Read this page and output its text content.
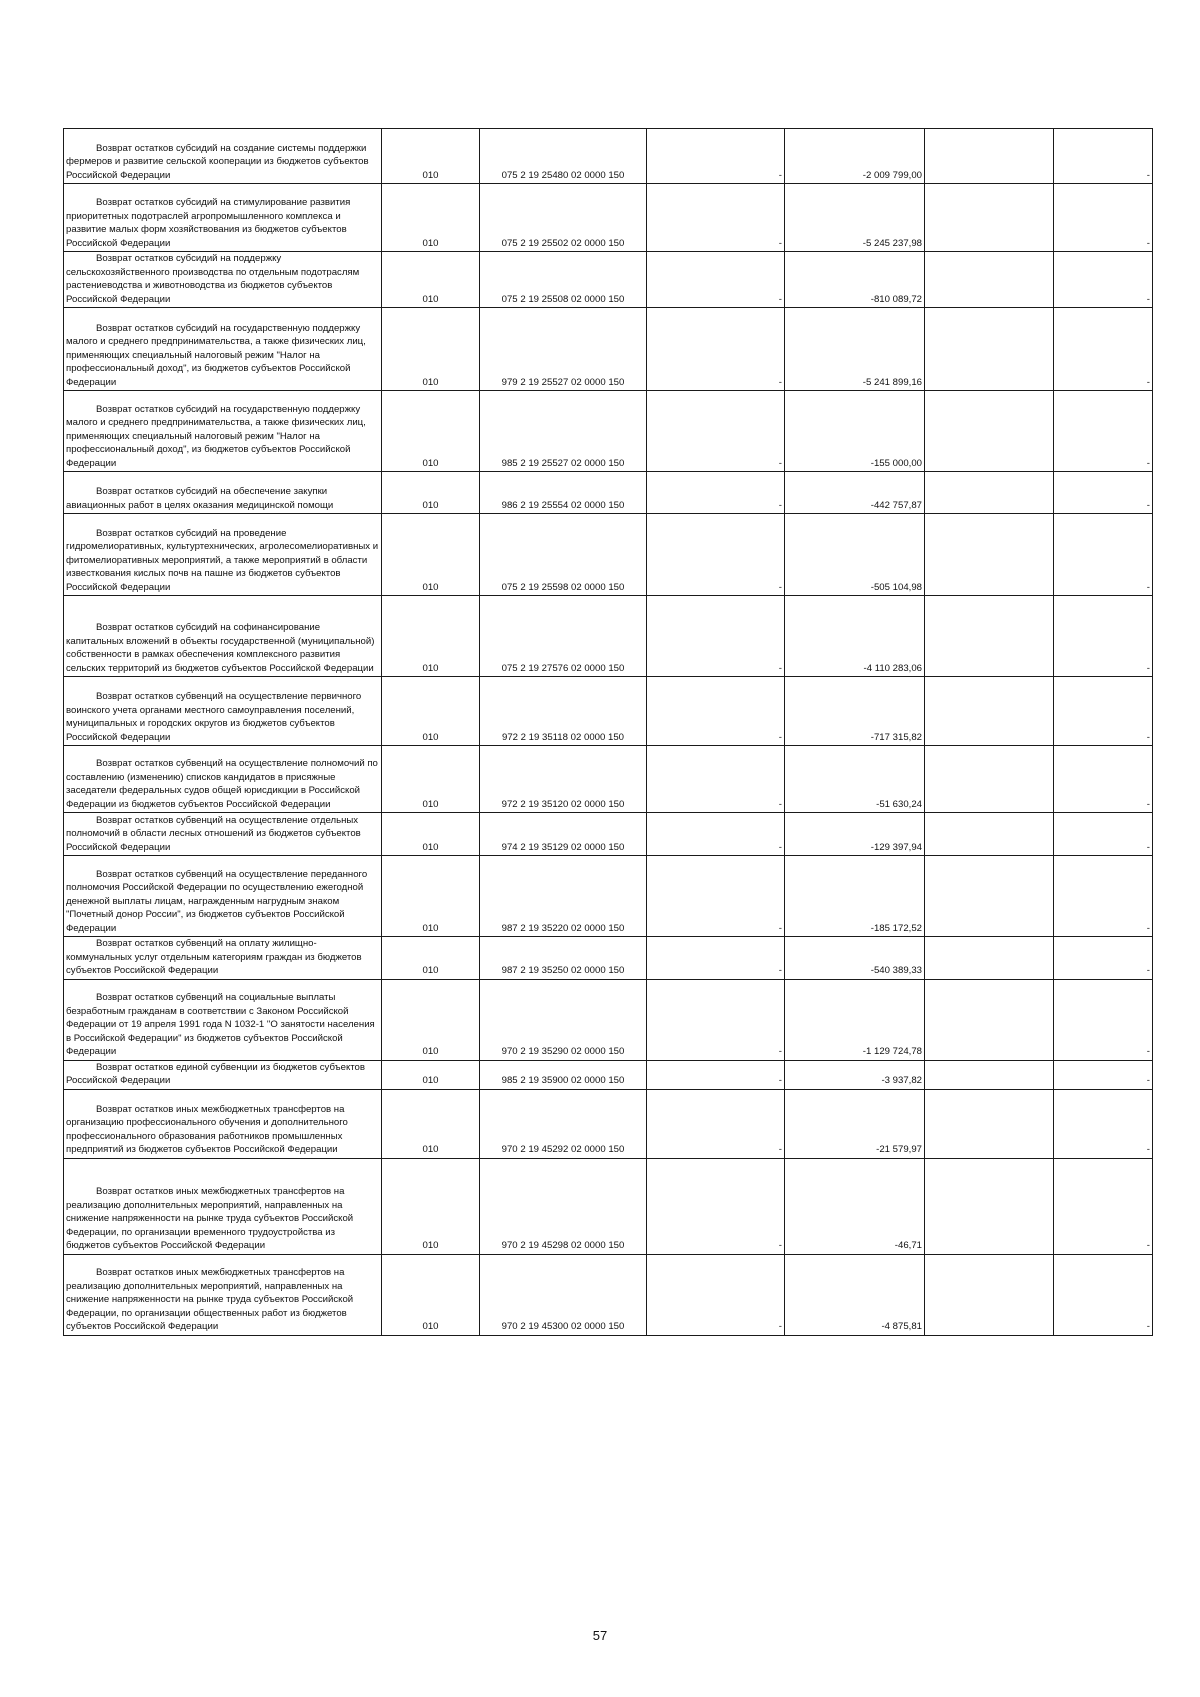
Возврат остатков субсидий на создание системы поддержки фермеров и развитие сельской кооперации из бюджетов субъектов Российской Федерации	010	075 2 19 25480 02 0000 150	-	-2 009 799,00		-
Возврат остатков субсидий на стимулирование развития приоритетных подотраслей агропромышленного комплекса и развитие малых форм хозяйствования из бюджетов субъектов Российской Федерации	010	075 2 19 25502 02 0000 150	-	-5 245 237,98		-
Возврат остатков субсидий на поддержку сельскохозяйственного производства по отдельным подотраслям растениеводства и животноводства из бюджетов субъектов Российской Федерации	010	075 2 19 25508 02 0000 150	-	-810 089,72		-
Возврат остатков субсидий на государственную поддержку малого и среднего предпринимательства, а также физических лиц, применяющих специальный налоговый режим "Налог на профессиональный доход", из бюджетов субъектов Российской Федерации	010	979 2 19 25527 02 0000 150	-	-5 241 899,16		-
Возврат остатков субсидий на государственную поддержку малого и среднего предпринимательства, а также физических лиц, применяющих специальный налоговый режим "Налог на профессиональный доход", из бюджетов субъектов Российской Федерации	010	985 2 19 25527 02 0000 150	-	-155 000,00		-
Возврат остатков субсидий на обеспечение закупки авиационных работ в целях оказания медицинской помощи	010	986 2 19 25554 02 0000 150	-	-442 757,87		-
Возврат остатков субсидий на проведение гидромелиоративных, культуртехнических, агролесомелиоративных и фитомелиоративных мероприятий, а также мероприятий в области известкования кислых почв на пашне из бюджетов субъектов Российской Федерации	010	075 2 19 25598 02 0000 150	-	-505 104,98		-
Возврат остатков субсидий на софинансирование капитальных вложений в объекты государственной (муниципальной) собственности в рамках обеспечения комплексного развития сельских территорий из бюджетов субъектов Российской Федерации	010	075 2 19 27576 02 0000 150	-	-4 110 283,06		-
Возврат остатков субвенций на осуществление первичного воинского учета органами местного самоуправления поселений, муниципальных и городских округов из бюджетов субъектов Российской Федерации	010	972 2 19 35118 02 0000 150	-	-717 315,82		-
Возврат остатков субвенций на осуществление полномочий по составлению (изменению) списков кандидатов в присяжные заседатели федеральных судов общей юрисдикции в Российской Федерации из бюджетов субъектов Российской Федерации	010	972 2 19 35120 02 0000 150	-	-51 630,24		-
Возврат остатков субвенций на осуществление отдельных полномочий в области лесных отношений из бюджетов субъектов Российской Федерации	010	974 2 19 35129 02 0000 150	-	-129 397,94		-
Возврат остатков субвенций на осуществление переданного полномочия Российской Федерации по осуществлению ежегодной денежной выплаты лицам, награжденным нагрудным знаком "Почетный донор России", из бюджетов субъектов Российской Федерации	010	987 2 19 35220 02 0000 150	-	-185 172,52		-
Возврат остатков субвенций на оплату жилищно-коммунальных услуг отдельным категориям граждан из бюджетов субъектов Российской Федерации	010	987 2 19 35250 02 0000 150	-	-540 389,33		-
Возврат остатков субвенций на социальные выплаты безработным гражданам в соответствии с Законом Российской Федерации от 19 апреля 1991 года N 1032-1 "О занятости населения в Российской Федерации" из бюджетов субъектов Российской Федерации	010	970 2 19 35290 02 0000 150	-	-1 129 724,78		-
Возврат остатков единой субвенции из бюджетов субъектов Российской Федерации	010	985 2 19 35900 02 0000 150	-	-3 937,82		-
Возврат остатков иных межбюджетных трансфертов на организацию профессионального обучения и дополнительного профессионального образования работников промышленных предприятий из бюджетов субъектов Российской Федерации	010	970 2 19 45292 02 0000 150	-	-21 579,97		-
Возврат остатков иных межбюджетных трансфертов на реализацию дополнительных мероприятий, направленных на снижение напряженности на рынке труда субъектов Российской Федерации, по организации временного трудоустройства из бюджетов субъектов Российской Федерации	010	970 2 19 45298 02 0000 150	-	-46,71		-
Возврат остатков иных межбюджетных трансфертов на реализацию дополнительных мероприятий, направленных на снижение напряженности на рынке труда субъектов Российской Федерации, по организации общественных работ из бюджетов субъектов Российской Федерации	010	970 2 19 45300 02 0000 150	-	-4 875,81		-
57
